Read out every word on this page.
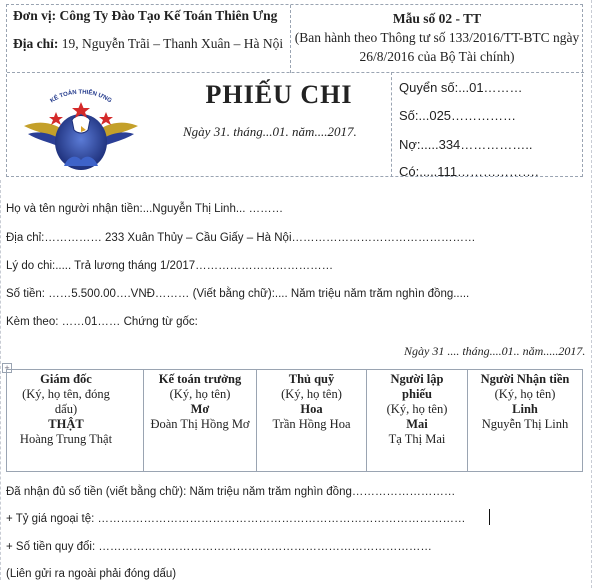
Đơn vị: Công Ty Đào Tạo Kế Toán Thiên Ưng
Địa chỉ: 19, Nguyễn Trãi – Thanh Xuân – Hà Nội
Mẫu số 02 - TT
(Ban hành theo Thông tư số 133/2016/TT-BTC ngày
26/8/2016 của Bộ Tài chính)
KẾ TOÁN THIÊN ƯNG	PHIẾU CHI
Ngày 31. tháng...01. năm....2017.
Quyển số:...01………
Số:...025……………
Nợ:.....334……………..
Có:.....111……………….
Họ và tên người nhận tiền:...Nguyễn Thị Linh... ………
Địa chỉ:…………… 233 Xuân Thủy – Cầu Giấy – Hà Nội…………………………………………
Lý do chi:..... Trả lương tháng 1/2017………………………………
Số tiền: ……5.500.00….VNĐ……… (Viết bằng chữ):.... Năm triệu năm trăm nghìn đồng.....
Kèm theo: ……01…… Chứng từ gốc:
Ngày 31 .... tháng....01.. năm.....2017.
+
Giám đốc
(Ký, họ tên, đóng dấu)
THẬT
Hoàng Trung Thật
Kế toán trưởng
(Ký, họ tên)
Mơ
Đoàn Thị Hồng Mơ
Thủ quỹ
(Ký, họ tên)
Hoa
Trần Hồng Hoa
Người lập phiếu
(Ký, họ tên)
Mai
Tạ Thị Mai
Người Nhận tiền
(Ký, họ tên)
Linh
Nguyễn Thị Linh
Đã nhận đủ số tiền (viết bằng chữ): Năm triệu năm trăm nghìn đồng………………………
+ Tỷ giá ngoại tệ: ……………………………………………………………………………………
+ Số tiền quy đổi: ……………………………………………………………………………
(Liên gửi ra ngoài phải đóng dấu)
